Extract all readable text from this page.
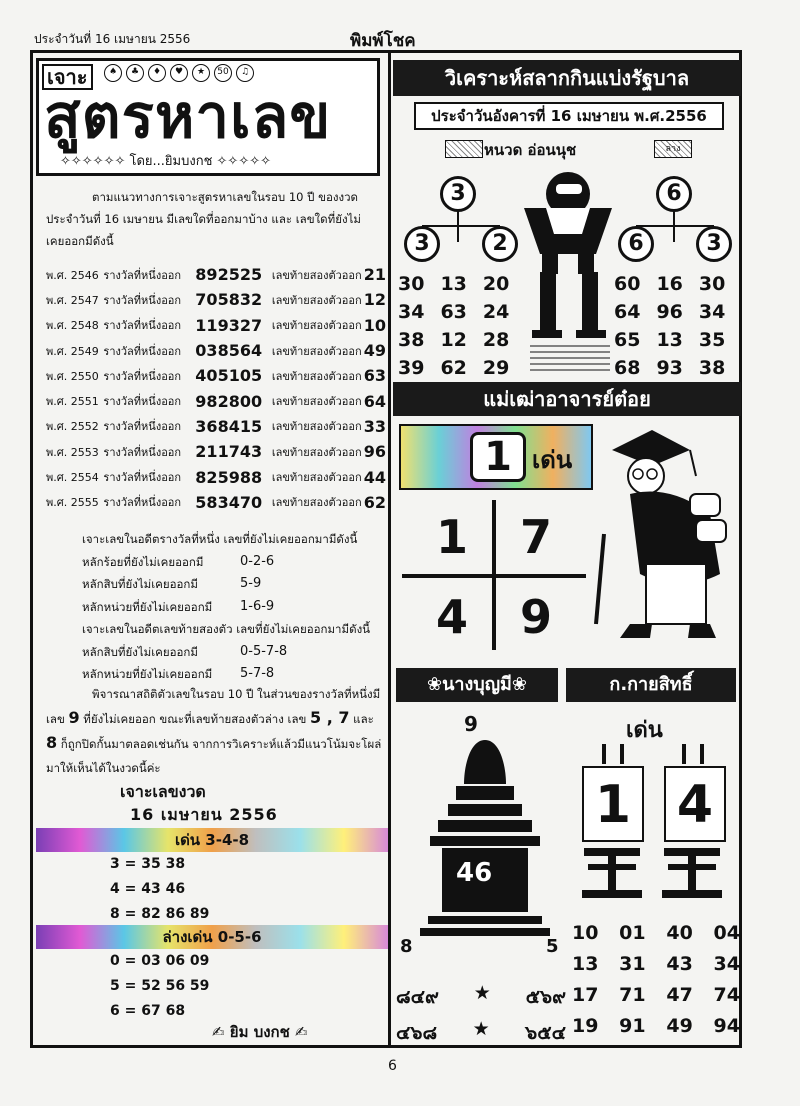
ประจำวันที่ 16 เมษายน 2556	พิมพ์โชค
เจาะ	♠	♣	♦	♥	★	50	♫
สูตรหาเลข
✧✧✧✧✧✧ โดย...ยิมบงกช ✧✧✧✧✧
ตามแนวทางการเจาะสูตรหาเลขในรอบ 10 ปี ของงวดประจำวันที่ 16 เมษายน มีเลขใดที่ออกมาบ้าง และ เลขใดที่ยังไม่เคยออกมีดังนี้
พ.ศ. 2546 รางวัลที่หนึ่งออก 892525 เลขท้ายสองตัวออก 21
พ.ศ. 2547 รางวัลที่หนึ่งออก 705832 เลขท้ายสองตัวออก 12
พ.ศ. 2548 รางวัลที่หนึ่งออก 119327 เลขท้ายสองตัวออก 10
พ.ศ. 2549 รางวัลที่หนึ่งออก 038564 เลขท้ายสองตัวออก 49
พ.ศ. 2550 รางวัลที่หนึ่งออก 405105 เลขท้ายสองตัวออก 63
พ.ศ. 2551 รางวัลที่หนึ่งออก 982800 เลขท้ายสองตัวออก 64
พ.ศ. 2552 รางวัลที่หนึ่งออก 368415 เลขท้ายสองตัวออก 33
พ.ศ. 2553 รางวัลที่หนึ่งออก 211743 เลขท้ายสองตัวออก 96
พ.ศ. 2554 รางวัลที่หนึ่งออก 825988 เลขท้ายสองตัวออก 44
พ.ศ. 2555 รางวัลที่หนึ่งออก 583470 เลขท้ายสองตัวออก 62
เจาะเลขในอดีตรางวัลที่หนึ่ง เลขที่ยังไม่เคยออกมามีดังนี้
หลักร้อยที่ยังไม่เคยออกมี	0-2-6
หลักสิบที่ยังไม่เคยออกมี	5-9
หลักหน่วยที่ยังไม่เคยออกมี	1-6-9
เจาะเลขในอดีตเลขท้ายสองตัว เลขที่ยังไม่เคยออกมามีดังนี้
หลักสิบที่ยังไม่เคยออกมี	0-5-7-8
หลักหน่วยที่ยังไม่เคยออกมี	5-7-8
พิจารณาสถิติตัวเลขในรอบ 10 ปี ในส่วนของรางวัลที่หนึ่งมีเลข 9 ที่ยังไม่เคยออก ขณะที่เลขท้ายสองตัวล่าง เลข 5 , 7 และ 8 ก็ถูกปิดกั้นมาตลอดเช่นกัน จากการวิเคราะห์แล้วมีแนวโน้มจะโผล่มาให้เห็นได้ในงวดนี้ค่ะ
เจาะเลขงวด
16 เมษายน 2556
เด่น 3-4-8
3 = 35 38
4 = 43 46
8 = 82 86 89
ล่างเด่น 0-5-6
0 = 03 06 09
5 = 52 56 59
6 = 67 68
✍ ยิม บงกช ✍
วิเคราะห์สลากกินแบ่งรัฐบาล
ประจำวันอังคารที่ 16 เมษายน พ.ศ.2556
หนวด อ่อนนุช	ล่าง
3	6
3	2	6	3
30 13 20
34 63 24
38 12 28
39 62 29
60 16 30
64 96 34
65 13 35
68 93 38
แม่เฒ่าอาจารย์ต๋อย
1 เด่น
1 7
4 9
❀นางบุญมี❀
9
46
8	5
๘๔๙ ★ ๕๖๙
๔๖๘ ★ ๖๕๔
ก.กายสิทธิ์
เด่น
1 4
10 01 40 04
13 31 43 34
17 71 47 74
19 91 49 94
6
